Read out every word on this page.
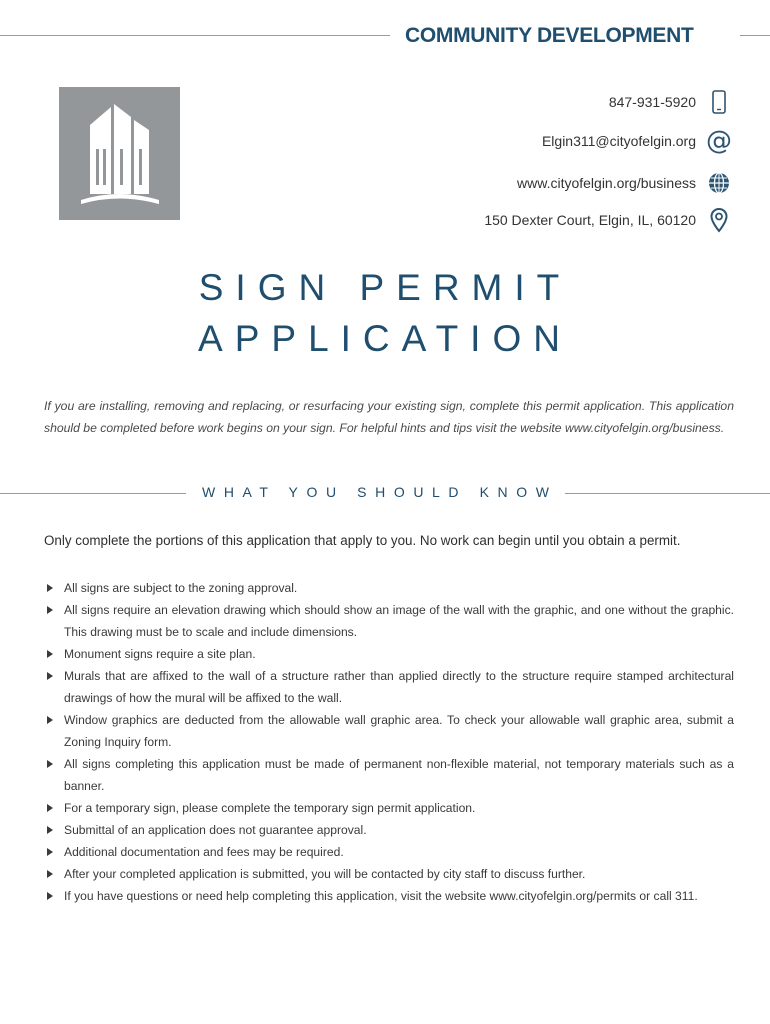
COMMUNITY DEVELOPMENT
847-931-5920
Elgin311@cityofelgin.org @
www.cityofelgin.org/business
150 Dexter Court, Elgin, IL, 60120
SIGN PERMIT
APPLICATION

If you are installing, removing and replacing, or resurfacing your existing sign, complete this permit application. This application should be completed before work begins on your sign. For helpful hints and tips visit the website www.cityofelgin.org/business.

WHAT YOU SHOULD KNOW

Only complete the portions of this application that apply to you. No work can begin until you obtain a permit.

All signs are subject to the zoning approval.
All signs require an elevation drawing which should show an image of the wall with the graphic, and one without the graphic. This drawing must be to scale and include dimensions.
Monument signs require a site plan.
Murals that are affixed to the wall of a structure rather than applied directly to the structure require stamped architectural drawings of how the mural will be affixed to the wall.
Window graphics are deducted from the allowable wall graphic area. To check your allowable wall graphic area, submit a Zoning Inquiry form.
All signs completing this application must be made of permanent non-flexible material, not temporary materials such as a banner.
For a temporary sign, please complete the temporary sign permit application.
Submittal of an application does not guarantee approval.
Additional documentation and fees may be required.
After your completed application is submitted, you will be contacted by city staff to discuss further.
If you have questions or need help completing this application, visit the website www.cityofelgin.org/permits or call 311.
